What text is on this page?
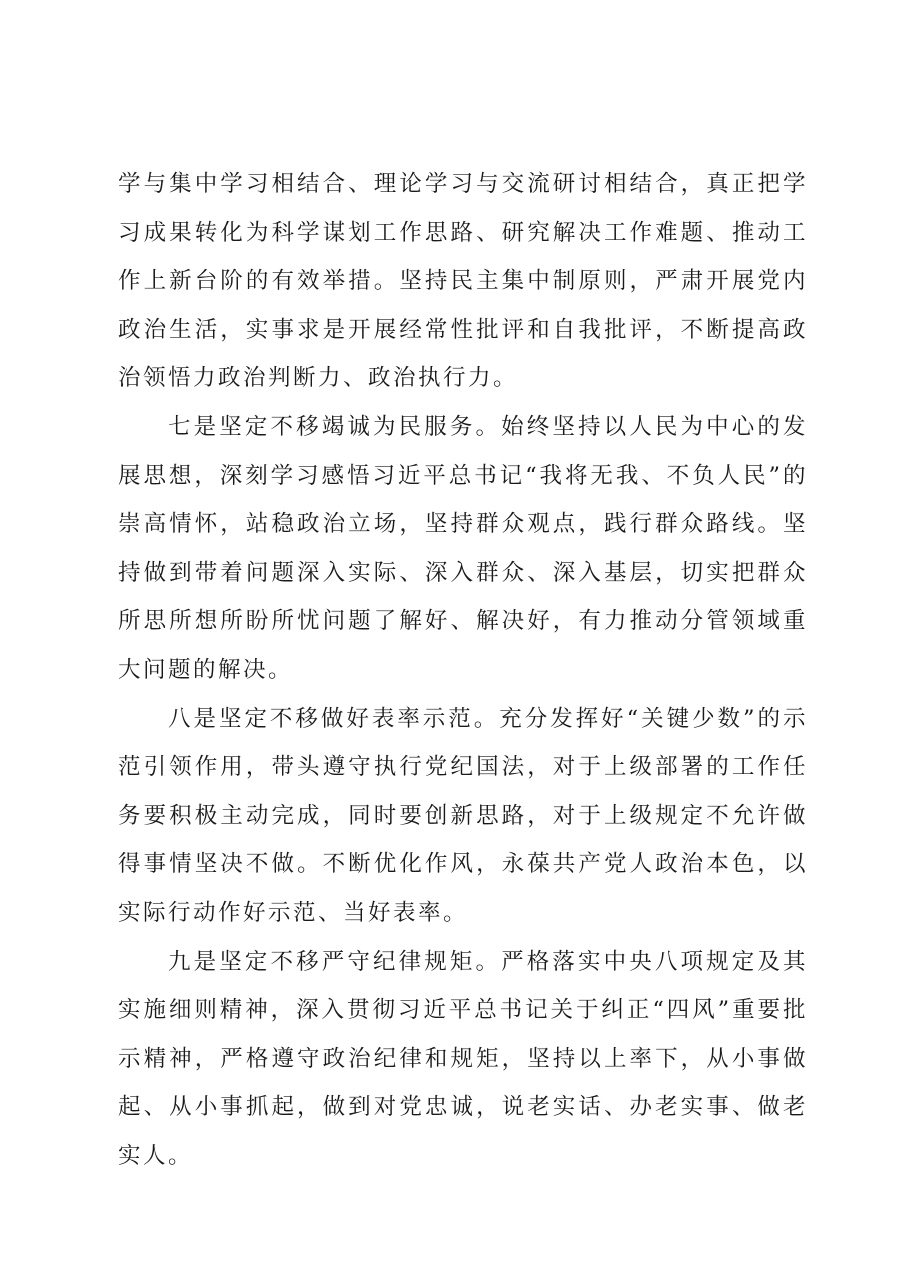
学与集中学习相结合、理论学习与交流研讨相结合，真正把学习成果转化为科学谋划工作思路、研究解决工作难题、推动工作上新台阶的有效举措。坚持民主集中制原则，严肃开展党内政治生活，实事求是开展经常性批评和自我批评，不断提高政治领悟力政治判断力、政治执行力。

七是坚定不移竭诚为民服务。始终坚持以人民为中心的发展思想，深刻学习感悟习近平总书记“我将无我、不负人民”的崇高情怀，站稳政治立场，坚持群众观点，践行群众路线。坚持做到带着问题深入实际、深入群众、深入基层，切实把群众所思所想所盼所忧问题了解好、解决好，有力推动分管领域重大问题的解决。

八是坚定不移做好表率示范。充分发挥好“关键少数”的示范引领作用，带头遵守执行党纪国法，对于上级部署的工作任务要积极主动完成，同时要创新思路，对于上级规定不允许做得事情坚决不做。不断优化作风，永葆共产党人政治本色，以实际行动作好示范、当好表率。

九是坚定不移严守纪律规矩。严格落实中央八项规定及其实施细则精神，深入贯彻习近平总书记关于纠正“四风”重要批示精神，严格遵守政治纪律和规矩，坚持以上率下，从小事做起、从小事抓起，做到对党忠诚，说老实话、办老实事、做老实人。
